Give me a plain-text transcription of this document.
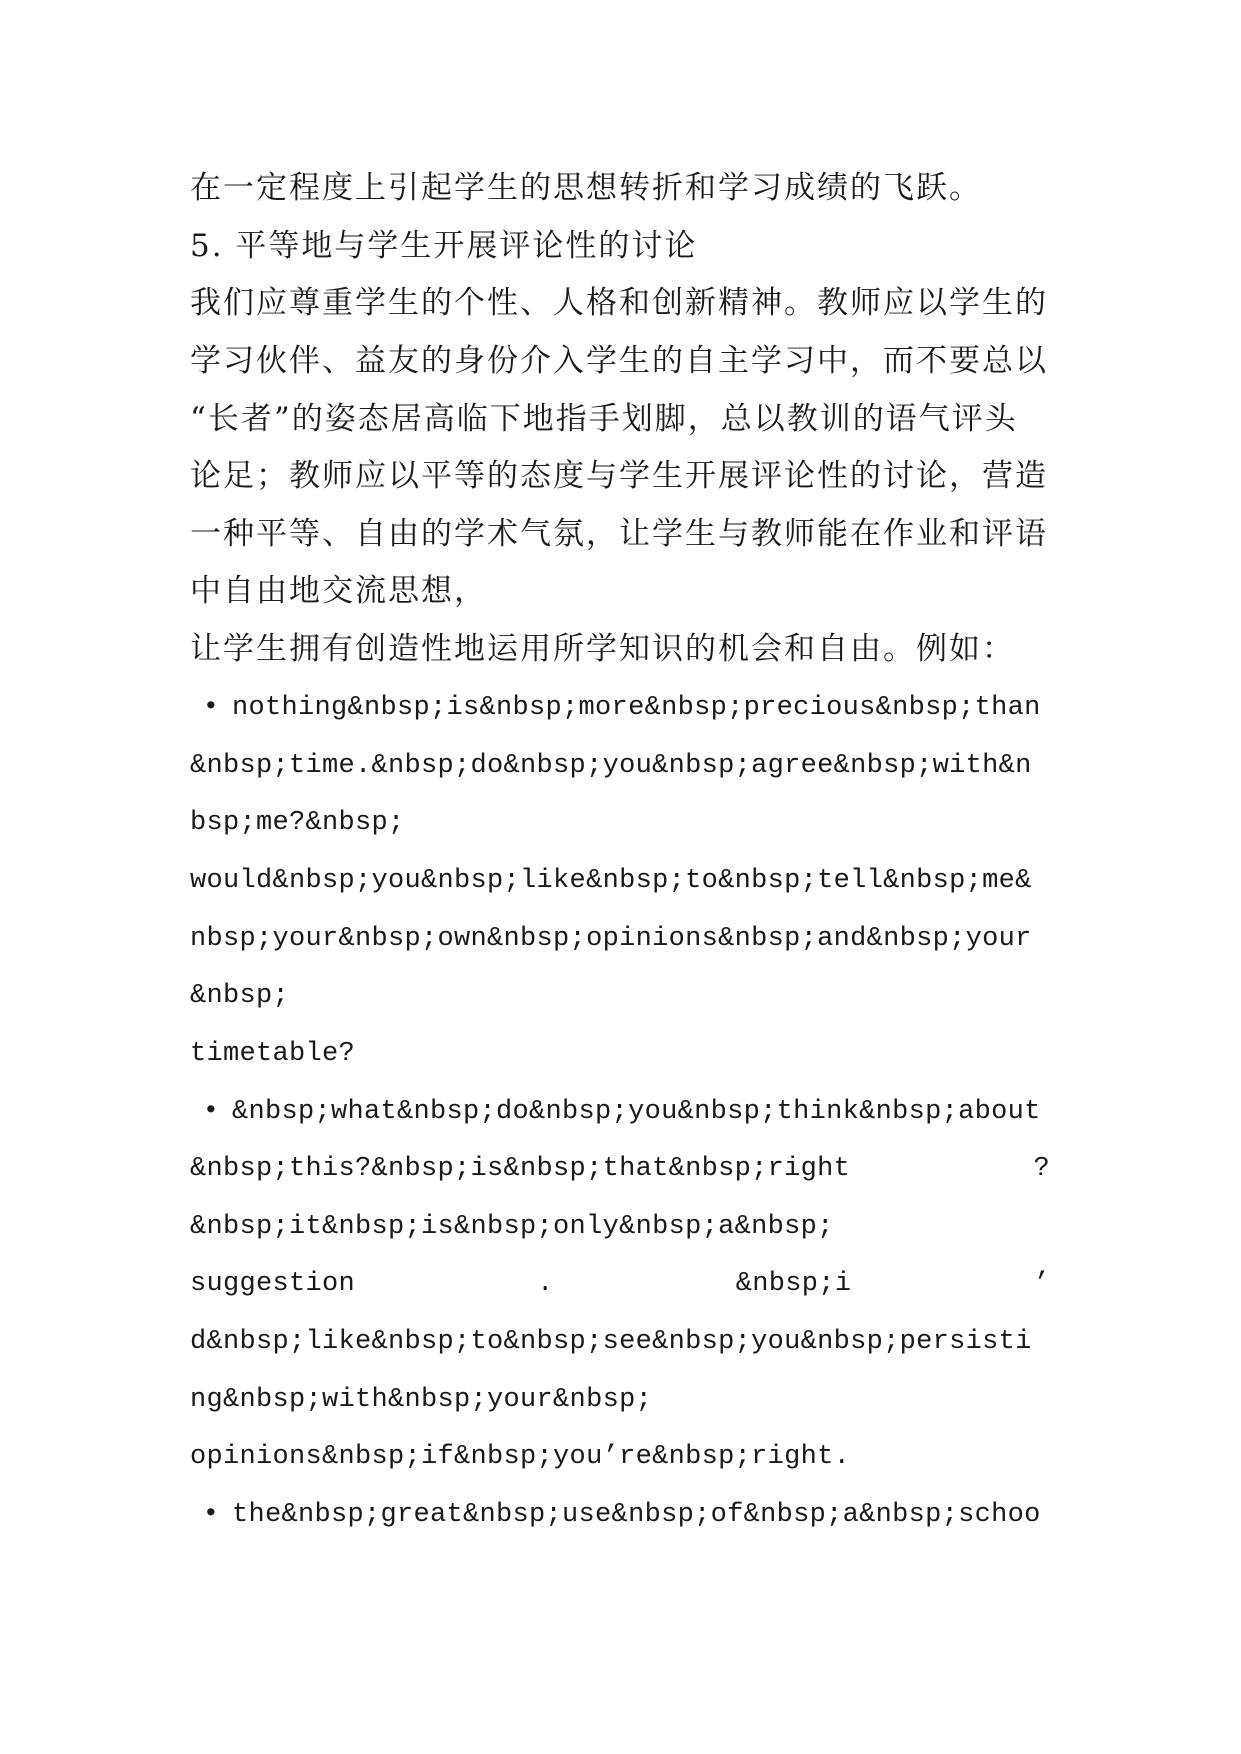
在一定程度上引起学生的思想转折和学习成绩的飞跃。
5. 平等地与学生开展评论性的讨论
我们应尊重学生的个性、人格和创新精神。教师应以学生的
学习伙伴、益友的身份介入学生的自主学习中，而不要总以
“长者”的姿态居高临下地指手划脚，总以教训的语气评头
论足；教师应以平等的态度与学生开展评论性的讨论，营造
一种平等、自由的学术气氛，让学生与教师能在作业和评语
中自由地交流思想，
让学生拥有创造性地运用所学知识的机会和自由。例如：
• nothing&nbsp;is&nbsp;more&nbsp;precious&nbsp;than
&nbsp;time.&nbsp;do&nbsp;you&nbsp;agree&nbsp;with&n
bsp;me?&nbsp;
would&nbsp;you&nbsp;like&nbsp;to&nbsp;tell&nbsp;me&
nbsp;your&nbsp;own&nbsp;opinions&nbsp;and&nbsp;your
&nbsp;
timetable?
• &nbsp;what&nbsp;do&nbsp;you&nbsp;think&nbsp;about
&nbsp;this?&nbsp;is&nbsp;that&nbsp;right	?
&nbsp;it&nbsp;is&nbsp;only&nbsp;a&nbsp;
suggestion	.	&nbsp;i	’
d&nbsp;like&nbsp;to&nbsp;see&nbsp;you&nbsp;persisti
ng&nbsp;with&nbsp;your&nbsp;
opinions&nbsp;if&nbsp;you’re&nbsp;right.
• the&nbsp;great&nbsp;use&nbsp;of&nbsp;a&nbsp;schoo
